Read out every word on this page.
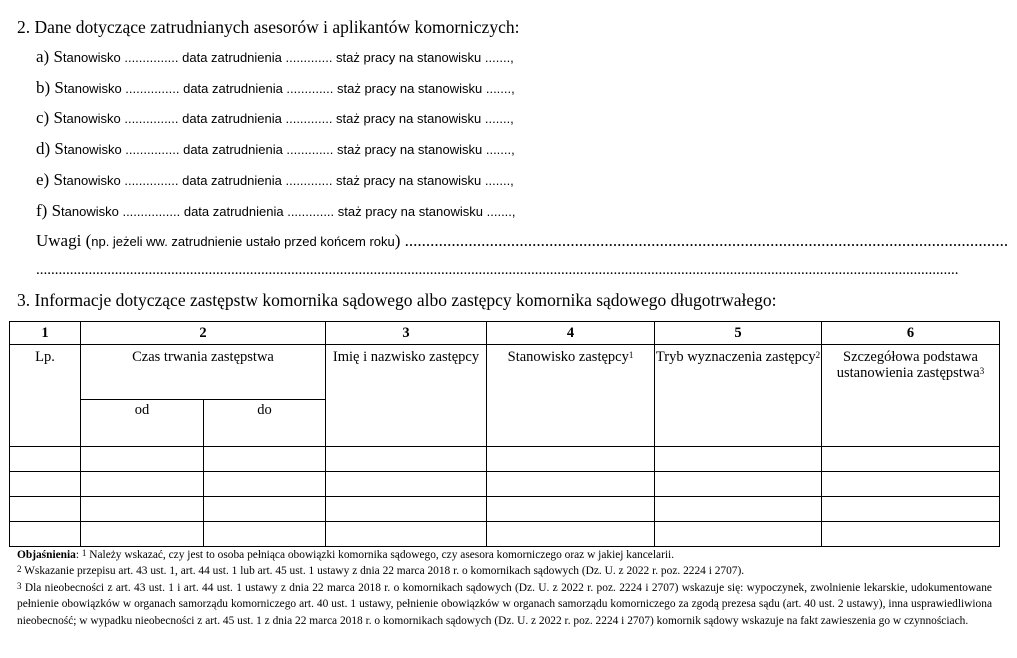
2. Dane dotyczące zatrudnianych asesorów i aplikantów komorniczych:
a) Stanowisko ............... data zatrudnienia ............. staż pracy na stanowisku .......,
b) Stanowisko ............... data zatrudnienia ............. staż pracy na stanowisku .......,
c) Stanowisko ............... data zatrudnienia ............. staż pracy na stanowisku .......,
d) Stanowisko ............... data zatrudnienia ............. staż pracy na stanowisku .......,
e) Stanowisko ............... data zatrudnienia ............. staż pracy na stanowisku .......,
f) Stanowisko ................ data zatrudnienia ............. staż pracy na stanowisku .......,
Uwagi (np. jeżeli ww. zatrudnienie ustało przed końcem roku) ..............................................................................................................................................
......................................................................................................................................................................................................................................................
3. Informacje dotyczące zastępstw komornika sądowego albo zastępcy komornika sądowego długotrwałego:
1	2		3	4	5	6
Lp.	Czas trwania zastępstwa		Imię i nazwisko zastępcy	Stanowisko zastępcy$^1$	Tryb wyznaczenia zastępcy$^2$	Szczegółowa podstawa ustanowienia zastępstwa$^3$
	od	do				

Objaśnienia: $^1$ Należy wskazać, czy jest to osoba pełniąca obowiązki komornika sądowego, czy asesora komorniczego oraz w jakiej kancelarii.

$^2$ Wskazanie przepisu art. 43 ust. 1, art. 44 ust. 1 lub art. 45 ust. 1 ustawy z dnia 22 marca 2018 r. o komornikach sądowych (Dz. U. z 2022 r. poz. 2224 i 2707).

$^3$ Dla nieobecności z art. 43 ust. 1 i art. 44 ust. 1 ustawy z dnia 22 marca 2018 r. o komornikach sądowych (Dz. U. z 2022 r. poz. 2224 i 2707) wskazuje się: wypoczynek, zwolnienie lekarskie, udokumentowane pełnienie obowiązków w organach samorządu komorniczego art. 40 ust. 1 ustawy, pełnienie obowiązków w organach samorządu komorniczego za zgodą prezesa sądu (art. 40 ust. 2 ustawy), inna usprawiedliwiona nieobecność; w wypadku nieobecności z art. 45 ust. 1 z dnia 22 marca 2018 r. o komornikach sądowych (Dz. U. z 2022 r. poz. 2224 i 2707) komornik sądowy wskazuje na fakt zawieszenia go w czynnościach.
